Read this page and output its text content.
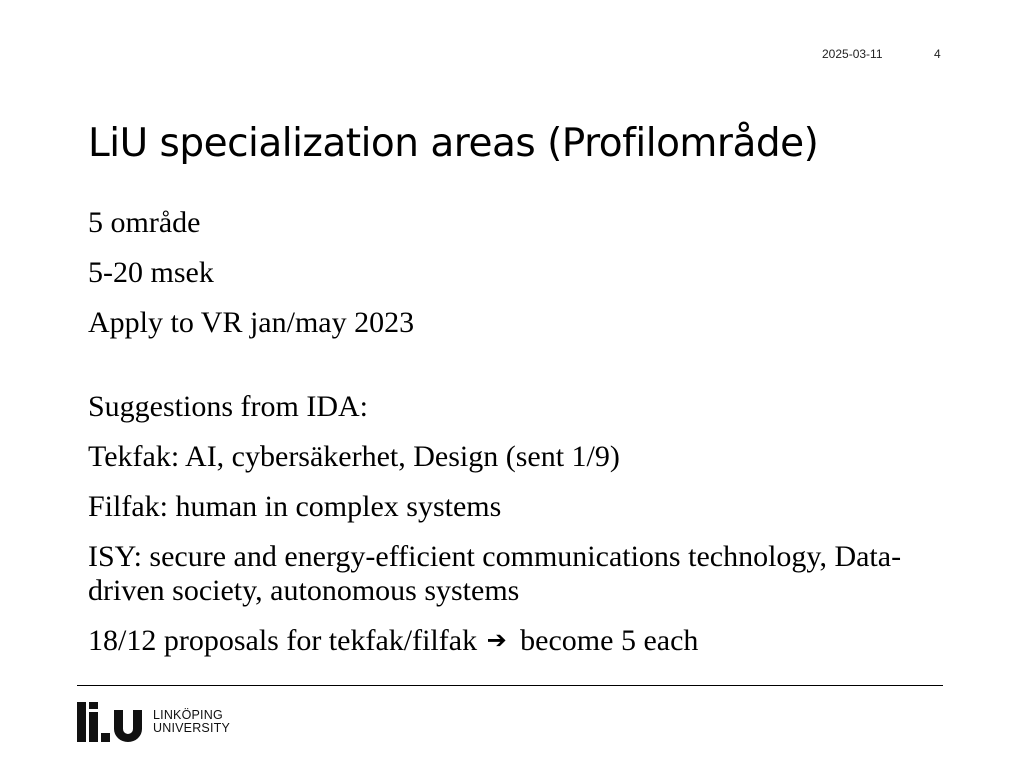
2025-03-11	4
LiU specialization areas (Profilområde)
5 område
5-20 msek
Apply to VR jan/may 2023
Suggestions from IDA:
Tekfak: AI, cybersäkerhet, Design (sent 1/9)
Filfak: human in complex systems
ISY: secure and energy-efficient communications technology, Data-driven society, autonomous systems
18/12 proposals for tekfak/filfak ➔ become 5 each
LINKÖPING
UNIVERSITY
